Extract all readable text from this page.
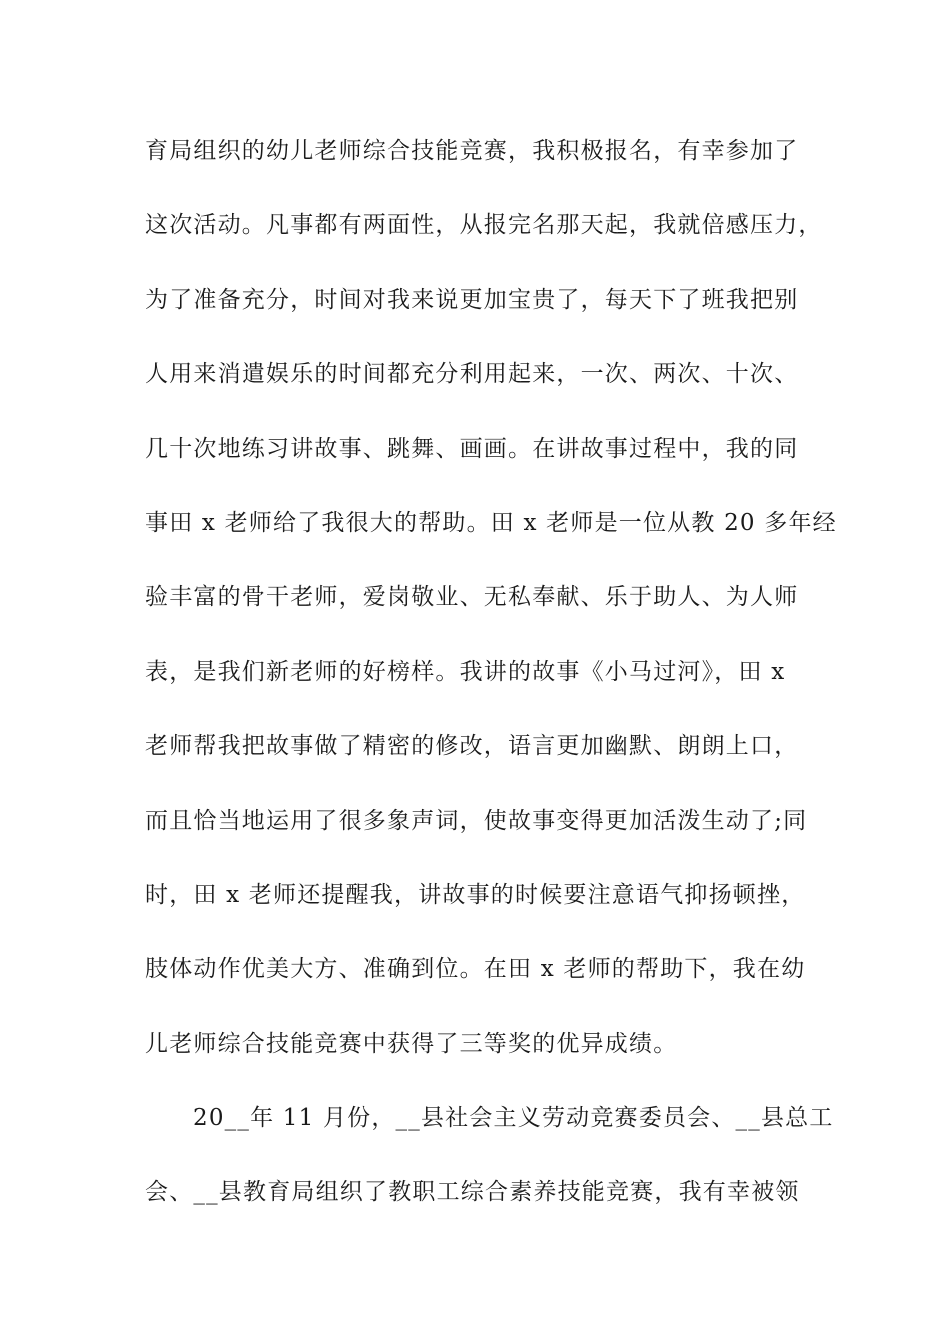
育局组织的幼儿老师综合技能竞赛，我积极报名，有幸参加了
这次活动。凡事都有两面性，从报完名那天起，我就倍感压力，
为了准备充分，时间对我来说更加宝贵了，每天下了班我把别
人用来消遣娱乐的时间都充分利用起来，一次、两次、十次、
几十次地练习讲故事、跳舞、画画。在讲故事过程中，我的同
事田 x 老师给了我很大的帮助。田 x 老师是一位从教 20 多年经
验丰富的骨干老师，爱岗敬业、无私奉献、乐于助人、为人师
表，是我们新老师的好榜样。我讲的故事《小马过河》，田 x
老师帮我把故事做了精密的修改，语言更加幽默、朗朗上口，
而且恰当地运用了很多象声词，使故事变得更加活泼生动了;同
时，田 x 老师还提醒我，讲故事的时候要注意语气抑扬顿挫，
肢体动作优美大方、准确到位。在田 x 老师的帮助下，我在幼
儿老师综合技能竞赛中获得了三等奖的优异成绩。
20__年 11 月份，__县社会主义劳动竞赛委员会、__县总工
会、__县教育局组织了教职工综合素养技能竞赛，我有幸被领
